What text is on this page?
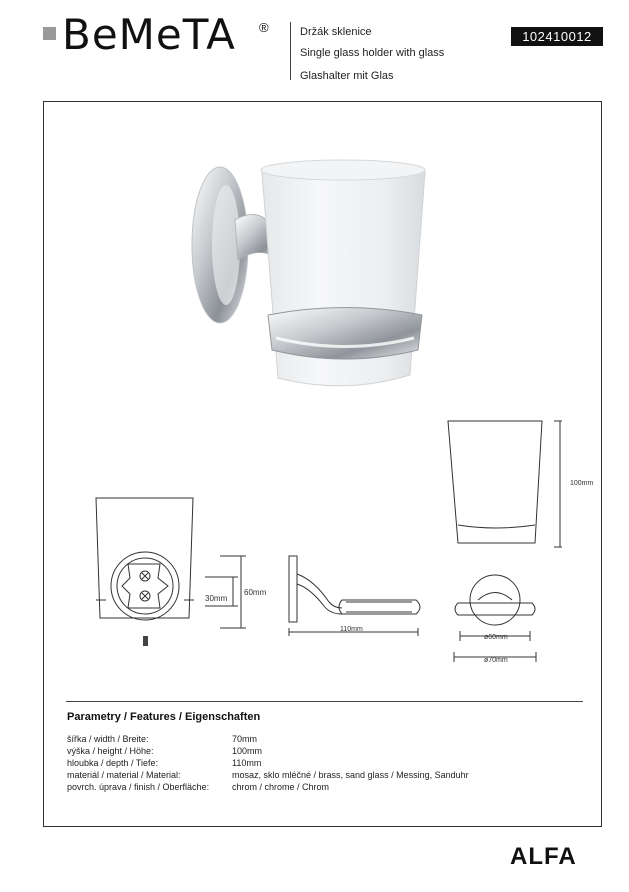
BeMeTA ®	Držák sklenice
Single glass holder with glass
Glashalter mit Glas
102410012
30mm
60mm
110mm
100mm
ø60mm
ø70mm
Parametry / Features / Eigenschaften
šířka / width / Breite:	70mm
výška / height / Höhe:	100mm
hloubka / depth / Tiefe:	110mm
materiál / material / Material:	mosaz, sklo mléčné / brass, sand glass / Messing, Sanduhr
povrch. úprava / finish / Oberfläche:	chrom / chrome / Chrom
ALFA
